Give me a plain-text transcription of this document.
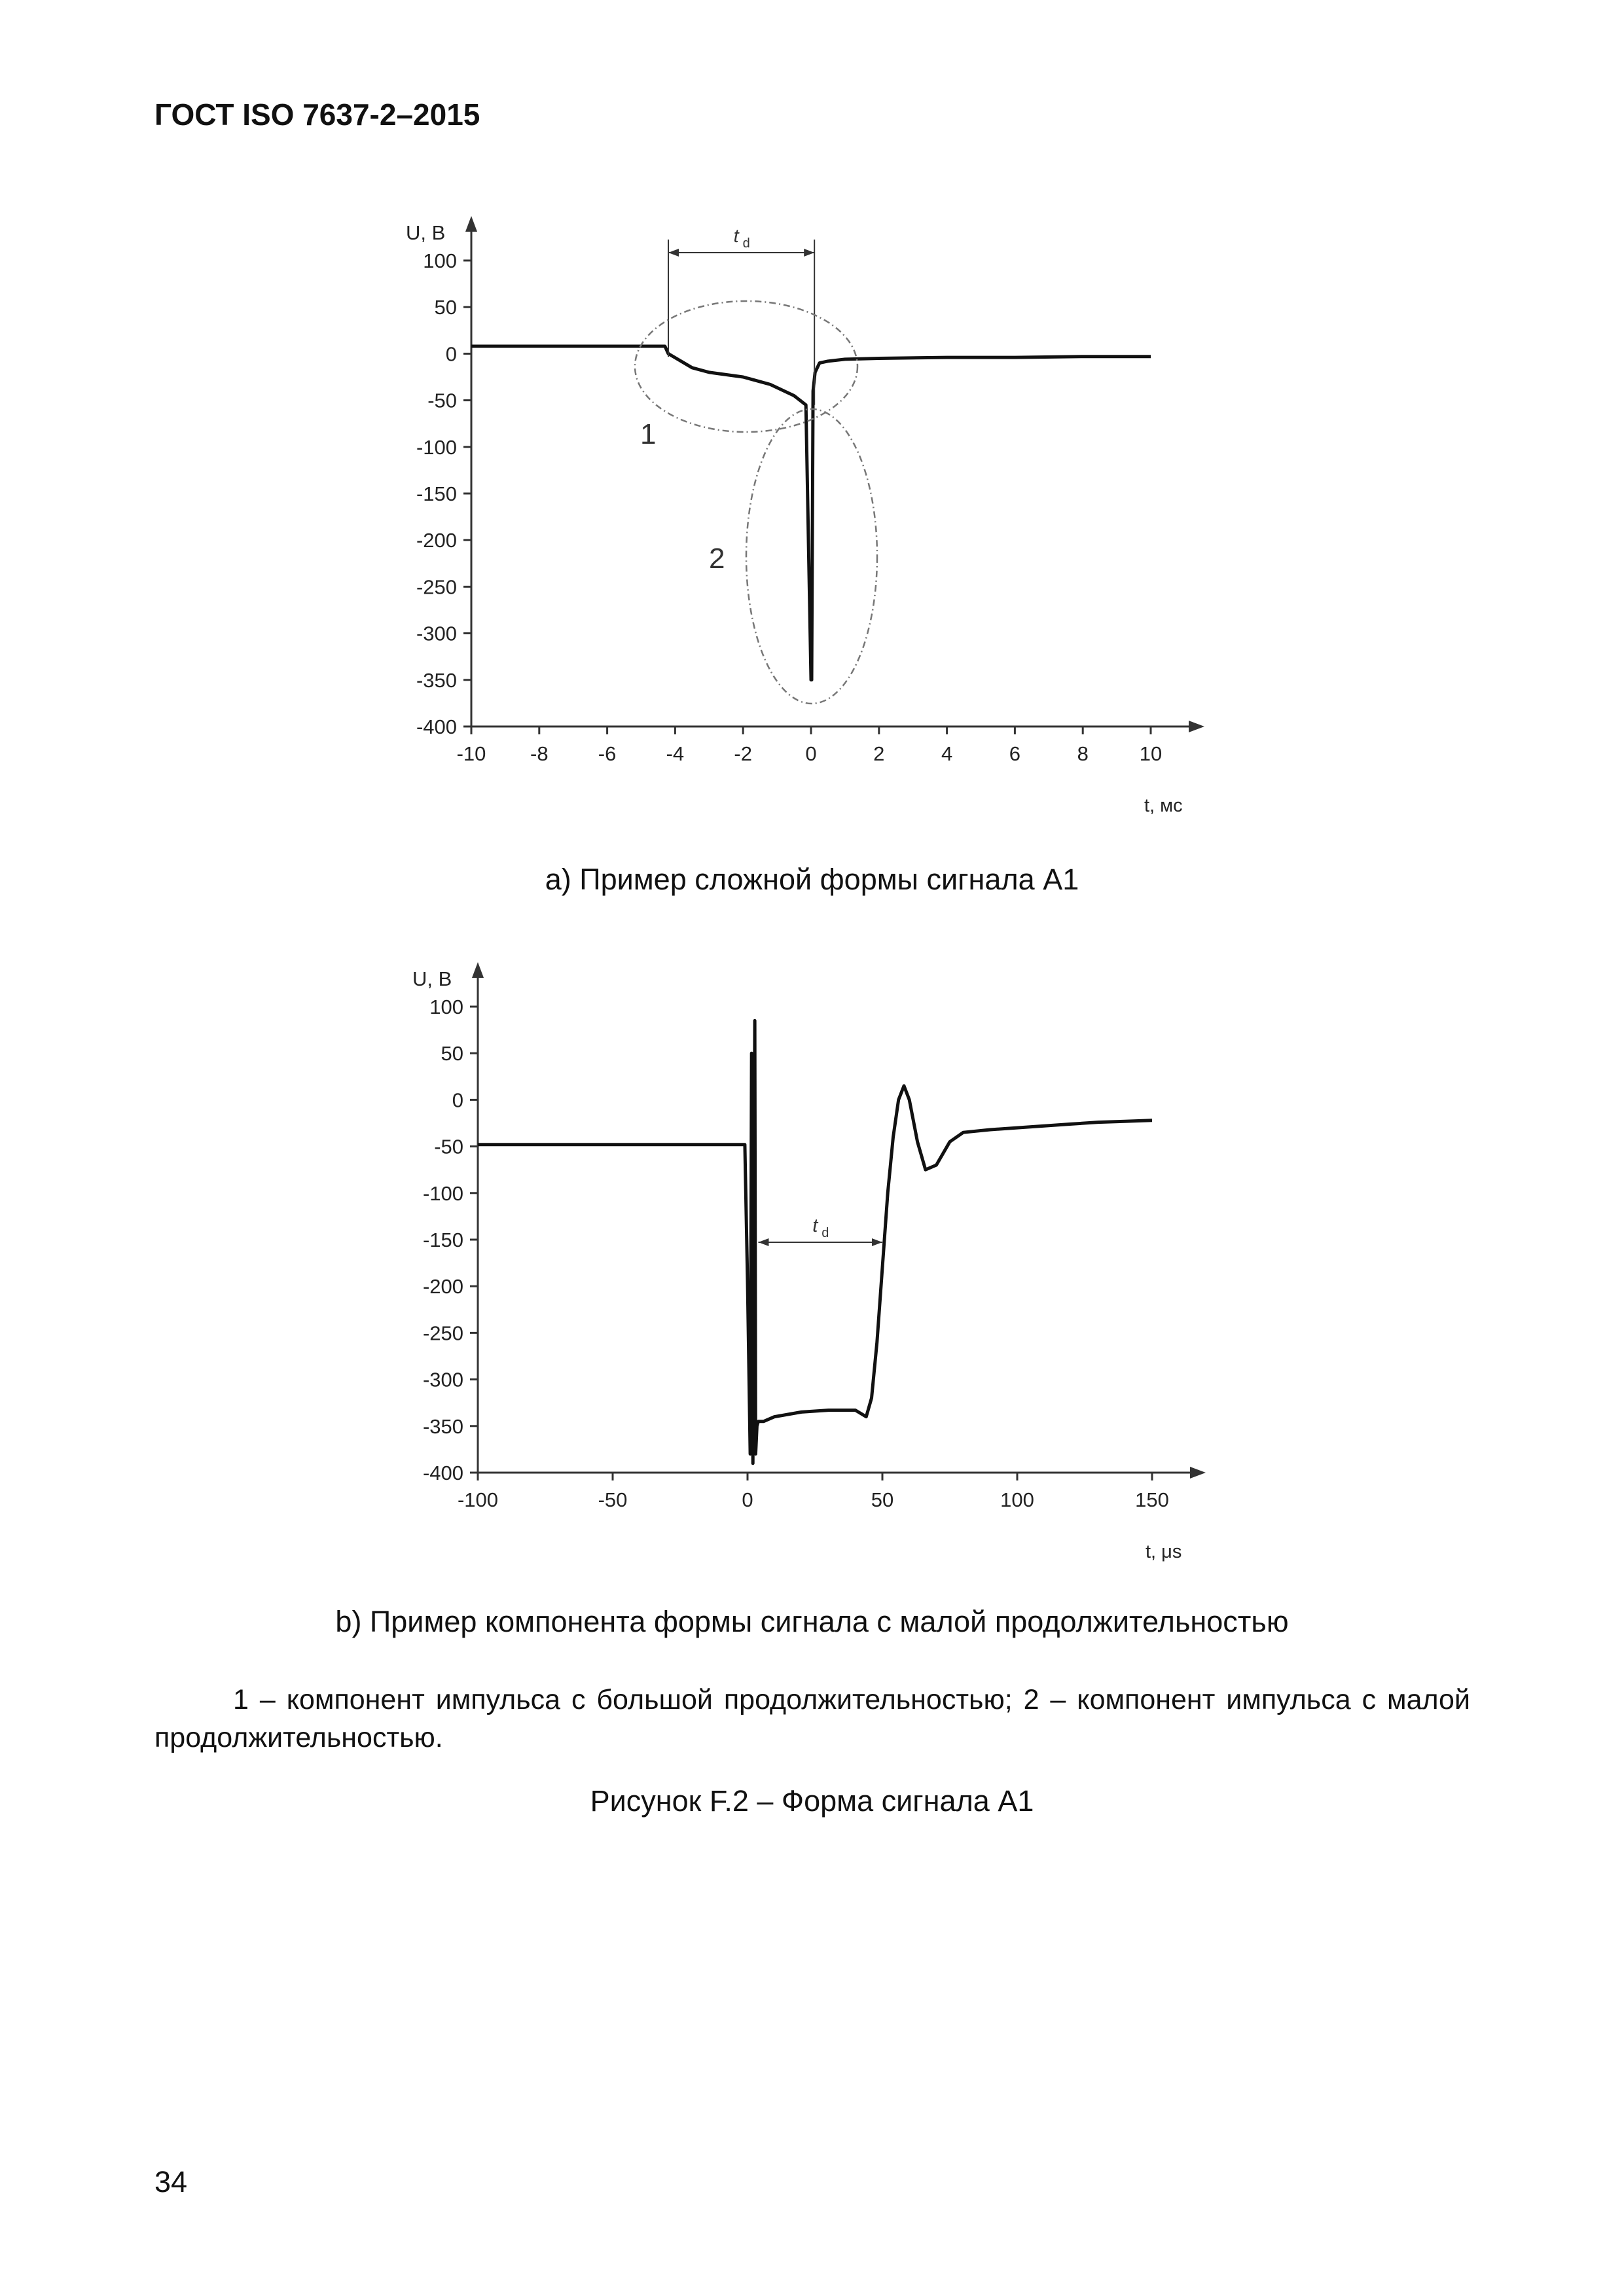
ГОСТ ISO 7637-2–2015
100
50
0
-50
-100
-150
-200
-250
-300
-350
-400
-10 -8 -6 -4 -2	0	2	4	6	8	10
U, В
t, мс
t d
1
2
a) Пример сложной формы сигнала А1
100
50
0
-50
-100
-150
-200
-250
-300
-350
-400
-100	-50	0	50	100	150
U, В
t, μs
t d
b) Пример компонента формы сигнала с малой продолжительностью
1 – компонент импульса с большой продолжительностью; 2 – компонент импульса с малой продолжительностью.
Рисунок F.2 – Форма сигнала А1
34
